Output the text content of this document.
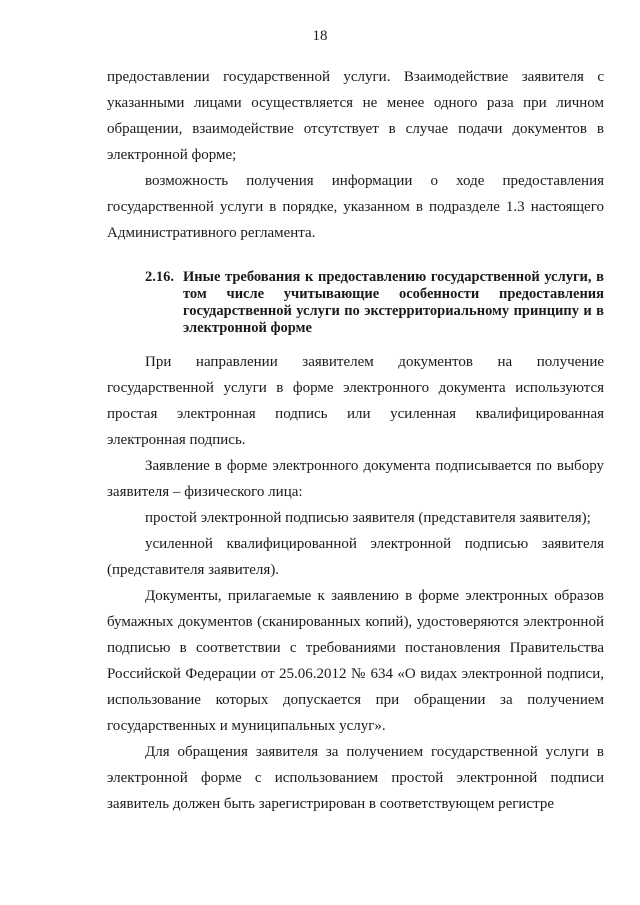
18

предоставлении государственной услуги. Взаимодействие заявителя с указанными лицами осуществляется не менее одного раза при личном обращении, взаимодействие отсутствует в случае подачи документов в электронной форме;

возможность получения информации о ходе предоставления государственной услуги в порядке, указанном в подразделе 1.3 настоящего Административного регламента.

2.16. Иные требования к предоставлению государственной услуги, в том числе учитывающие особенности предоставления государственной услуги по экстерриториальному принципу и в электронной форме

При направлении заявителем документов на получение государственной услуги в форме электронного документа используются простая электронная подпись или усиленная квалифицированная электронная подпись.

Заявление в форме электронного документа подписывается по выбору заявителя – физического лица:

простой электронной подписью заявителя (представителя заявителя);

усиленной квалифицированной электронной подписью заявителя (представителя заявителя).

Документы, прилагаемые к заявлению в форме электронных образов бумажных документов (сканированных копий), удостоверяются электронной подписью в соответствии с требованиями постановления Правительства Российской Федерации от 25.06.2012 № 634 «О видах электронной подписи, использование которых допускается при обращении за получением государственных и муниципальных услуг».

Для обращения заявителя за получением государственной услуги в электронной форме с использованием простой электронной подписи заявитель должен быть зарегистрирован в соответствующем регистре
